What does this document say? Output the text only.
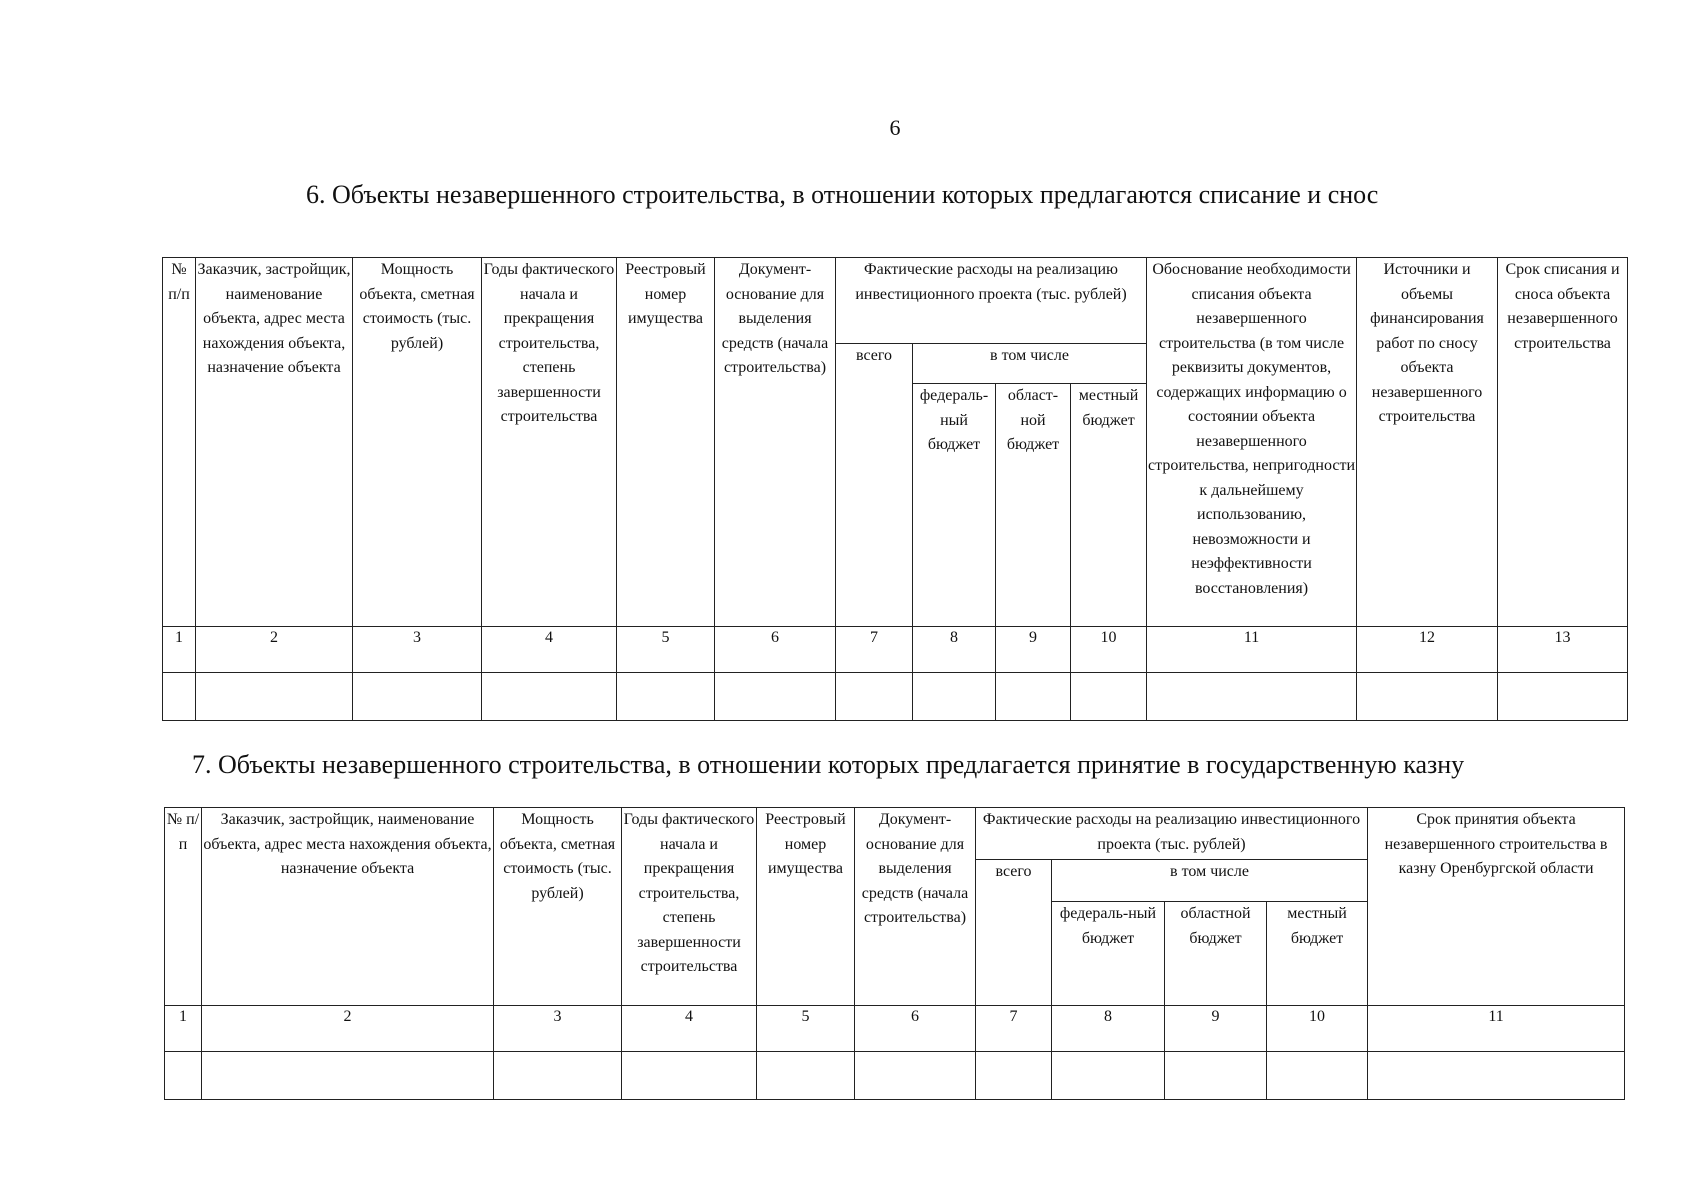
6
6. Объекты незавершенного строительства, в отношении которых предлагаются списание и снос
№ п/п	Заказчик, застройщик, наименование объекта, адрес места нахождения объекта, назначение объекта	Мощность объекта, сметная стоимость (тыс. рублей)	Годы фактического начала и прекращения строительства, степень завершенности строительства	Реестровый номер имущества	Документ-основание для выделения средств (начала строительства)	Фактические расходы на реализацию инвестиционного проекта (тыс. рублей)				Обоснование необходимости списания объекта незавершенного строительства (в том числе реквизиты документов, содержащих информацию о состоянии объекта незавершенного строительства, непригодности к дальнейшему использованию, невозможности и неэффективности восстановления)	Источники и объемы финансирования работ по сносу объекта незавершенного строительства	Срок списания и сноса объекта незавершенного строительства
						всего	в том числе					
							федераль-ный бюджет	област-ной бюджет	местный бюджет			
1	2	3	4	5	6	7	8	9	10	11	12	13

7. Объекты незавершенного строительства, в отношении которых предлагается принятие в государственную казну
№ п/п	Заказчик, застройщик, наименование объекта, адрес места нахождения объекта, назначение объекта	Мощность объекта, сметная стоимость (тыс. рублей)	Годы фактического начала и прекращения строительства, степень завершенности строительства	Реестровый номер имущества	Документ-основание для выделения средств (начала строительства)	Фактические расходы на реализацию инвестиционного проекта (тыс. рублей)				Срок принятия объекта незавершенного строительства в казну Оренбургской области
						всего	в том числе			
							федераль-ный бюджет	областной бюджет	местный бюджет	
1	2	3	4	5	6	7	8	9	10	11
